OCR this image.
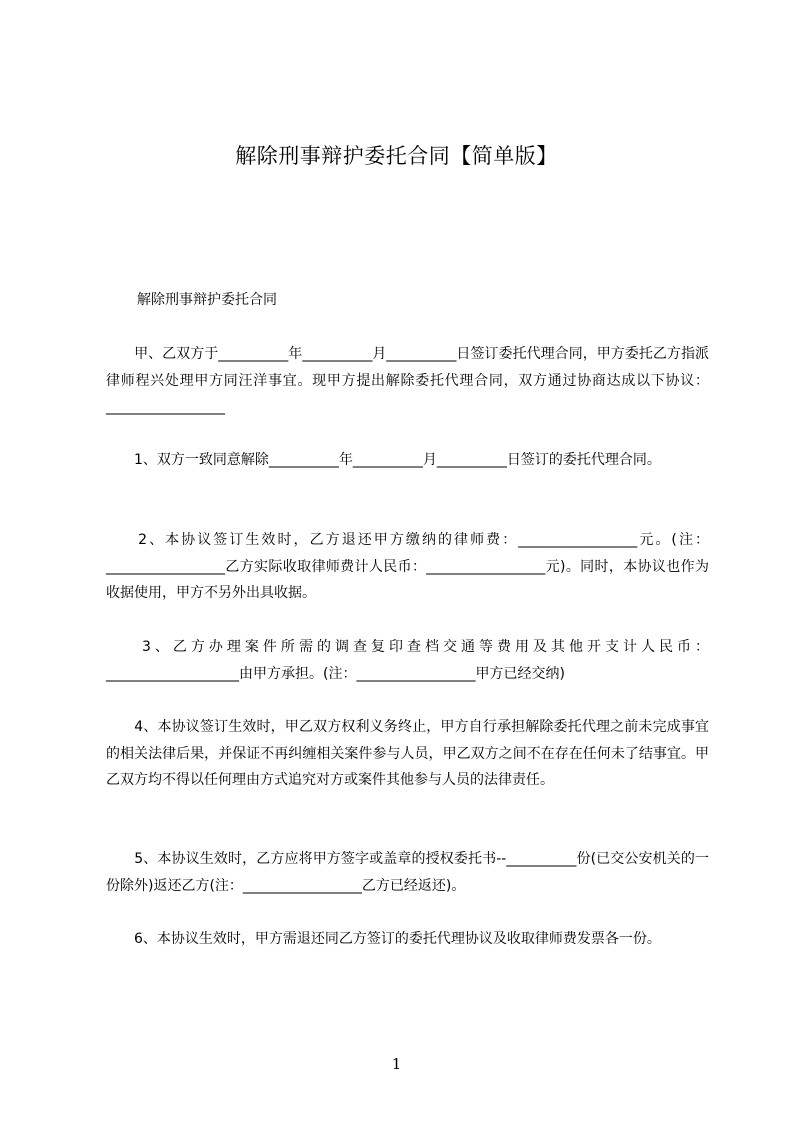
解除刑事辩护委托合同【简单版】
解除刑事辩护委托合同
　　甲、乙双方于__________年__________月__________日签订委托代理合同，甲方委托乙方指派律师程兴处理甲方同汪洋事宜。现甲方提出解除委托代理合同，双方通过协商达成以下协议：_________________
　　1、双方一致同意解除__________年__________月__________日签订的委托代理合同。
　　2、本协议签订生效时，乙方退还甲方缴纳的律师费：_________________元。(注：_________________乙方实际收取律师费计人民币：_________________元)。同时，本协议也作为收据使用，甲方不另外出具收据。
　　3、乙方办理案件所需的调查复印查档交通等费用及其他开支计人民币：___________________由甲方承担。(注：_________________甲方已经交纳)
　　4、本协议签订生效时，甲乙双方权利义务终止，甲方自行承担解除委托代理之前未完成事宜的相关法律后果，并保证不再纠缠相关案件参与人员，甲乙双方之间不在存在任何未了结事宜。甲乙双方均不得以任何理由方式追究对方或案件其他参与人员的法律责任。
　　5、本协议生效时，乙方应将甲方签字或盖章的授权委托书--__________份(已交公安机关的一份除外)返还乙方(注：_________________乙方已经返还)。
　　6、本协议生效时，甲方需退还同乙方签订的委托代理协议及收取律师费发票各一份。
1
